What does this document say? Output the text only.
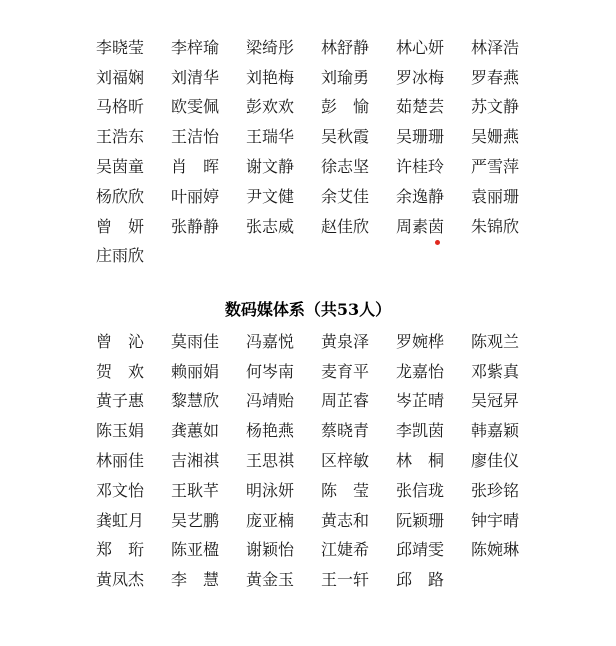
李晓莹	李梓瑜	梁绮彤	林舒静	林心妍	林泽浩
刘福娴	刘清华	刘艳梅	刘瑜勇	罗冰梅	罗春燕
马格昕	欧雯佩	彭欢欢	彭　愉	茹楚芸	苏文静
王浩东	王洁怡	王瑞华	吴秋霞	吴珊珊	吴姗燕
吴茵童	肖　晖	谢文静	徐志坚	许桂玲	严雪萍
杨欣欣	叶丽婷	尹文健	余艾佳	余逸静	袁丽珊
曾　妍	张静静	张志威	赵佳欣	周素茵	朱锦欣
庄雨欣
数码媒体系（共53人）
曾　沁	莫雨佳	冯嘉悦	黄泉泽	罗婉桦	陈观兰
贺　欢	赖丽娟	何岑南	麦育平	龙嘉怡	邓紫真
黄子惠	黎慧欣	冯靖贻	周芷睿	岑芷晴	吴冠昇
陈玉娟	龚蕙如	杨艳燕	蔡晓青	李凯茵	韩嘉颖
林丽佳	吉湘祺	王思祺	区梓敏	林　桐	廖佳仪
邓文怡	王耿芊	明泳妍	陈　莹	张信珑	张珍铭
龚虹月	吴艺鹏	庞亚楠	黄志和	阮颖珊	钟宇晴
郑　珩	陈亚楹	谢颖怡	江婕希	邱靖雯	陈婉琳
黄凤杰	李　慧	黄金玉	王一轩	邱　路
